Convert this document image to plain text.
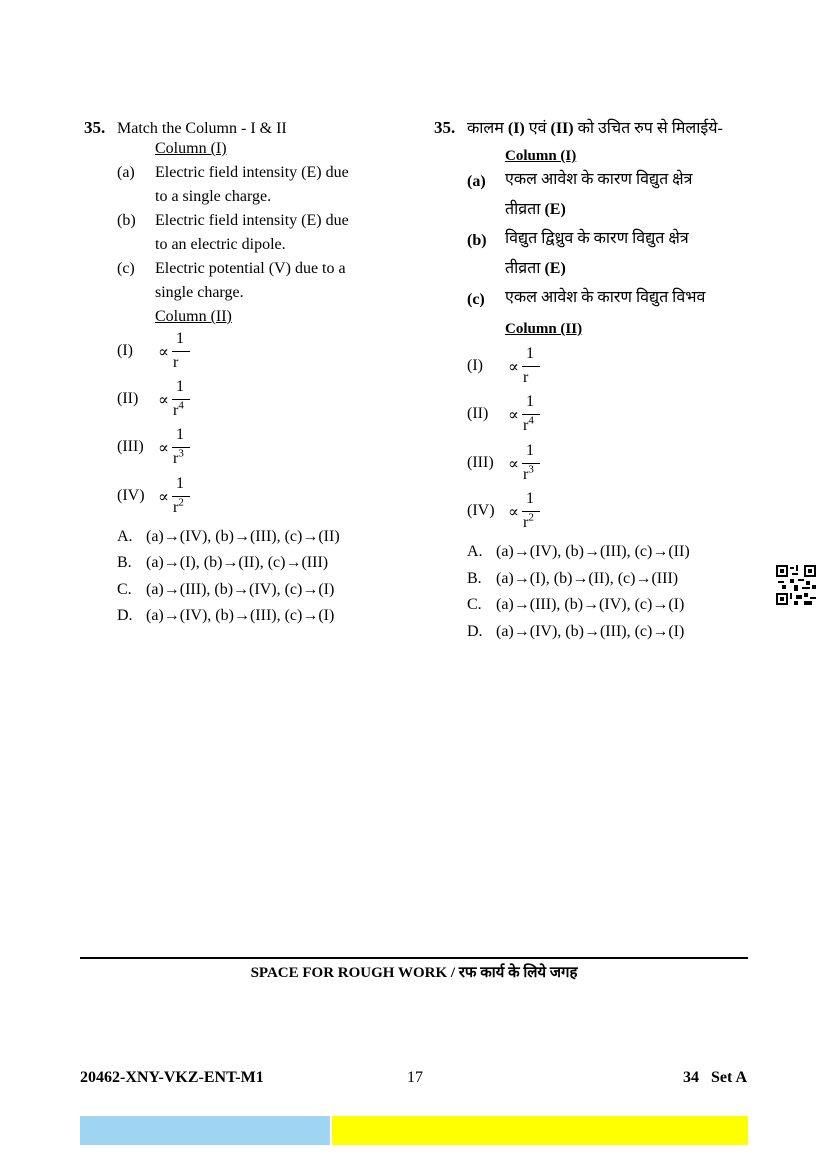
35. Match the Column - I & II
Column (I)
(a) Electric field intensity (E) due
to a single charge.
(b) Electric field intensity (E) due
to an electric dipole.
(c) Electric potential (V) due to a
single charge.
Column (II)
(I) ∝
1
r
(II) ∝
1
$r^4$
(III) ∝
1
$r^3$
(IV) ∝
1
$r^2$
A. (a)→(IV), (b)→(III), (c)→(II)
B. (a)→(I), (b)→(II), (c)→(III)
C. (a)→(III), (b)→(IV), (c)→(I)
D. (a)→(IV), (b)→(III), (c)→(I)
35. कालम (I) एवं (II) को उचित रुप से मिलाईये-
Column (I)
(a) एकल आवेश के कारण विद्युत क्षेत्र
तीव्रता (E)
(b) विद्युत द्विध्रुव के कारण विद्युत क्षेत्र
तीव्रता (E)
(c) एकल आवेश के कारण विद्युत विभव
Column (II)
(I) ∝
1
r
(II) ∝
1
$r^4$
(III) ∝
1
$r^3$
(IV) ∝
1
$r^2$
A. (a)→(IV), (b)→(III), (c)→(II)
B. (a)→(I), (b)→(II), (c)→(III)
C. (a)→(III), (b)→(IV), (c)→(I)
D. (a)→(IV), (b)→(III), (c)→(I)
SPACE FOR ROUGH WORK / रफ कार्य के लिये जगह
20462-XNY-VKZ-ENT-M1	17	34   Set A
